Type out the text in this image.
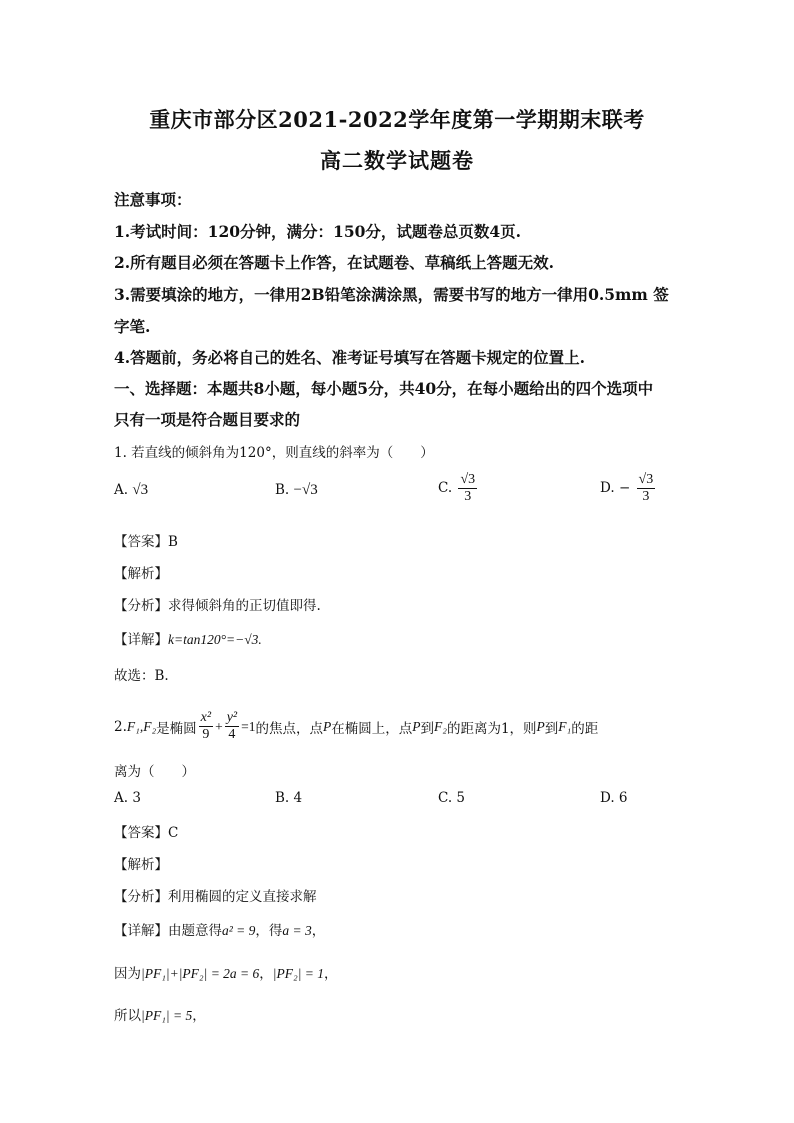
重庆市部分区2021-2022学年度第一学期期末联考
高二数学试题卷
注意事项：
1.考试时间：120分钟，满分：150分，试题卷总页数4页.
2.所有题目必须在答题卡上作答，在试题卷、草稿纸上答题无效.
3.需要填涂的地方，一律用2B铅笔涂满涂黑，需要书写的地方一律用0.5mm 签
字笔.
4.答题前，务必将自己的姓名、准考证号填写在答题卡规定的位置上.
一、选择题：本题共8小题，每小题5分，共40分，在每小题给出的四个选项中
只有一项是符合题目要求的
1. 若直线的倾斜角为120°，则直线的斜率为（　　）
A. √3	B. −√3	C. $\frac{√3}{3}$	D. − $\frac{√3}{3}$
【答案】B
【解析】
【分析】求得倾斜角的正切值即得.
【详解】k=tan120°=−√3.
故选：B.
2. F₁,F₂ 是椭圆 $\frac{\text{x²}}{9} + \frac{\text{y²}}{4} =1$ 的焦点，点 P 在椭圆上，点 P 到 F₂ 的距离为1，则 P 到 F₁ 的距
离为（　　）
A. 3	B. 4	C. 5	D. 6
【答案】C
【解析】
【分析】利用椭圆的定义直接求解
【详解】由题意得a² = 9，得a = 3，
因为|PF₁|+|PF₂| = 2a = 6，|PF₂| = 1，
所以|PF₁| = 5，
